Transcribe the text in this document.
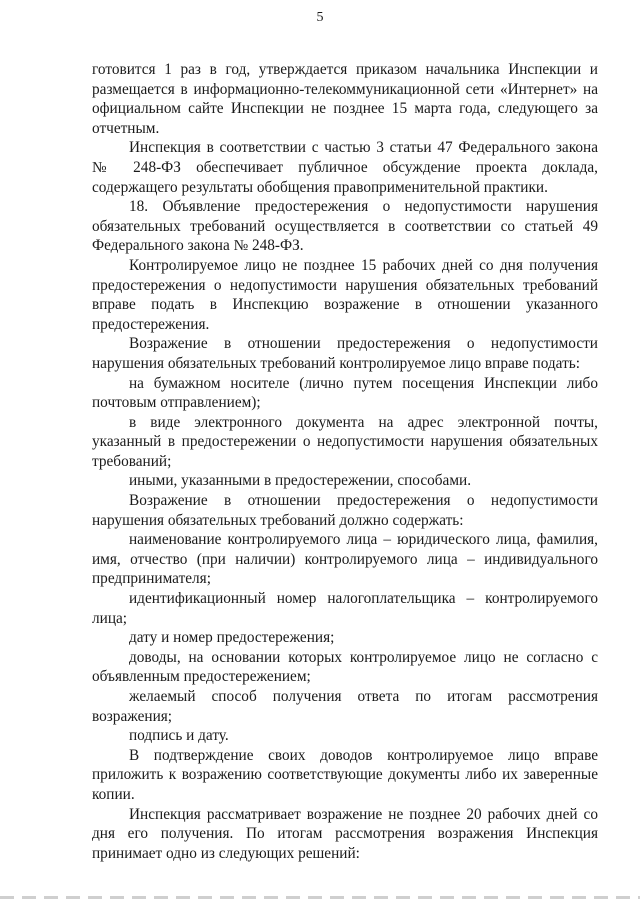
5

готовится 1 раз в год, утверждается приказом начальника Инспекции и размещается в информационно-телекоммуникационной сети «Интернет» на официальном сайте Инспекции не позднее 15 марта года, следующего за отчетным.

Инспекция в соответствии с частью 3 статьи 47 Федерального закона № 248-ФЗ обеспечивает публичное обсуждение проекта доклада, содержащего результаты обобщения правоприменительной практики.

18. Объявление предостережения о недопустимости нарушения обязательных требований осуществляется в соответствии со статьей 49 Федерального закона № 248-ФЗ.

Контролируемое лицо не позднее 15 рабочих дней со дня получения предостережения о недопустимости нарушения обязательных требований вправе подать в Инспекцию возражение в отношении указанного предостережения.

Возражение в отношении предостережения о недопустимости нарушения обязательных требований контролируемое лицо вправе подать:

на бумажном носителе (лично путем посещения Инспекции либо почтовым отправлением);

в виде электронного документа на адрес электронной почты, указанный в предостережении о недопустимости нарушения обязательных требований;

иными, указанными в предостережении, способами.

Возражение в отношении предостережения о недопустимости нарушения обязательных требований должно содержать:

наименование контролируемого лица – юридического лица, фамилия, имя, отчество (при наличии) контролируемого лица – индивидуального предпринимателя;

идентификационный номер налогоплательщика – контролируемого лица;

дату и номер предостережения;

доводы, на основании которых контролируемое лицо не согласно с объявленным предостережением;

желаемый способ получения ответа по итогам рассмотрения возражения;

подпись и дату.

В подтверждение своих доводов контролируемое лицо вправе приложить к возражению соответствующие документы либо их заверенные копии.

Инспекция рассматривает возражение не позднее 20 рабочих дней со дня его получения. По итогам рассмотрения возражения Инспекция принимает одно из следующих решений:
